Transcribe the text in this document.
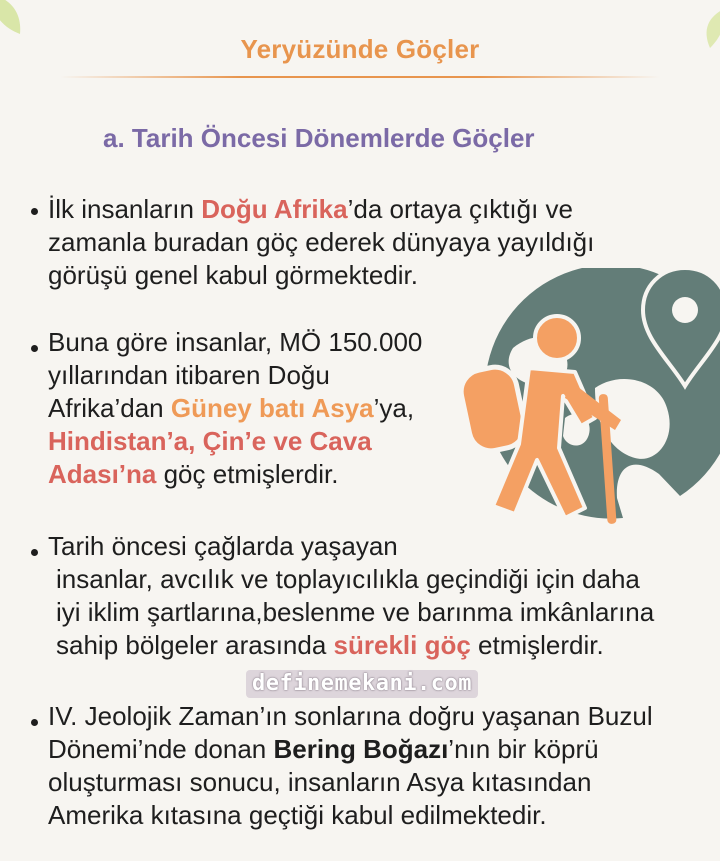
Yeryüzünde Göçler
a. Tarih Öncesi Dönemlerde Göçler
İlk insanların Doğu Afrika’da ortaya çıktığı ve
zamanla buradan göç ederek dünyaya yayıldığı
görüşü genel kabul görmektedir.
Buna göre insanlar, MÖ 150.000
yıllarından itibaren Doğu
Afrika’dan Güney batı Asya’ya,
Hindistan’a, Çin’e ve Cava
Adası’na göç etmişlerdir.
Tarih öncesi çağlarda yaşayan
insanlar, avcılık ve toplayıcılıkla geçindiği için daha
iyi iklim şartlarına,beslenme ve barınma imkânlarına
sahip bölgeler arasında sürekli göç etmişlerdir.
definemekani.com
IV. Jeolojik Zaman’ın sonlarına doğru yaşanan Buzul
Dönemi’nde donan Bering Boğazı’nın bir köprü
oluşturması sonucu, insanların Asya kıtasından
Amerika kıtasına geçtiği kabul edilmektedir.
